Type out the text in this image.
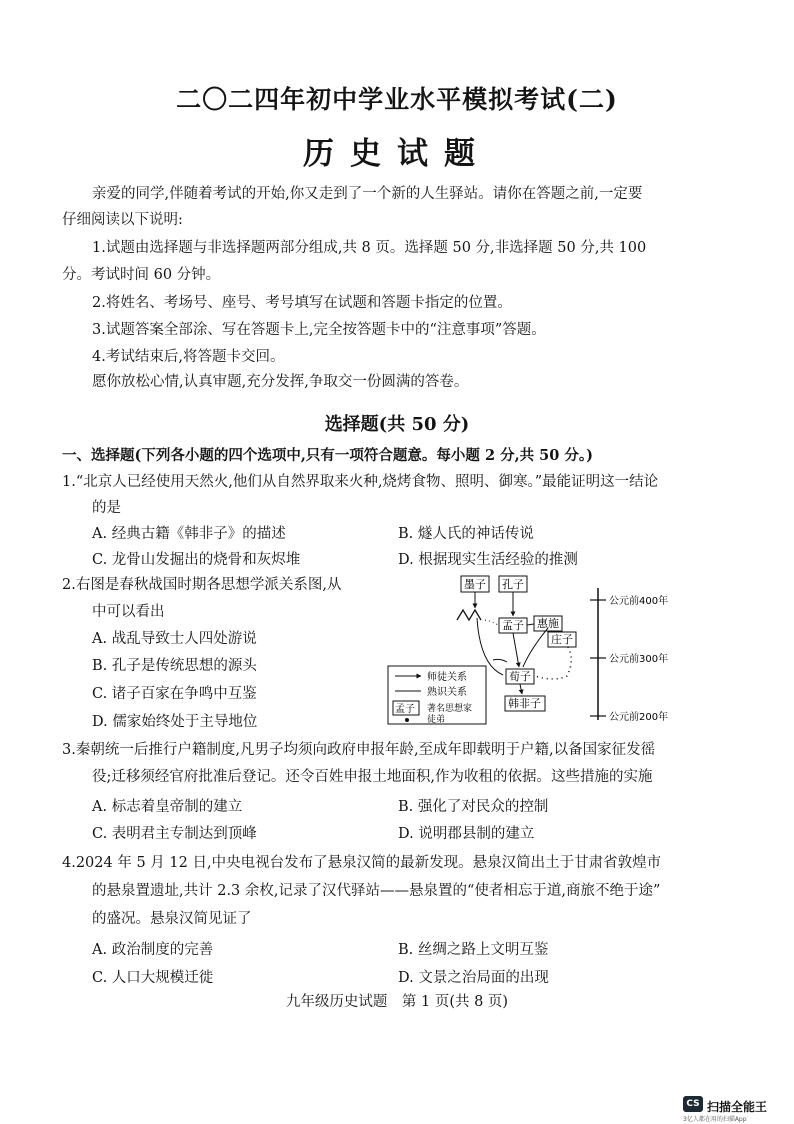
二〇二四年初中学业水平模拟考试(二)
历史试题
亲爱的同学,伴随着考试的开始,你又走到了一个新的人生驿站。请你在答题之前,一定要
仔细阅读以下说明:
1.试题由选择题与非选择题两部分组成,共 8 页。选择题 50 分,非选择题 50 分,共 100
分。考试时间 60 分钟。
2.将姓名、考场号、座号、考号填写在试题和答题卡指定的位置。
3.试题答案全部涂、写在答题卡上,完全按答题卡中的“注意事项”答题。
4.考试结束后,将答题卡交回。
愿你放松心情,认真审题,充分发挥,争取交一份圆满的答卷。
选择题(共 50 分)
一、选择题(下列各小题的四个选项中,只有一项符合题意。每小题 2 分,共 50 分。)
1.“北京人已经使用天然火,他们从自然界取来火种,烧烤食物、照明、御寒。”最能证明这一结论
的是
A. 经典古籍《韩非子》的描述	B. 燧人氏的神话传说
C. 龙骨山发掘出的烧骨和灰烬堆	D. 根据现实生活经验的推测
2.右图是春秋战国时期各思想学派关系图,从
中可以看出
A. 战乱导致士人四处游说
B. 孔子是传统思想的源头
C. 诸子百家在争鸣中互鉴
D. 儒家始终处于主导地位
公元前400年
公元前300年
公元前200年
墨子 孔子
孟子 惠施
庄子
荀子
韩非子
师徒关系
熟识关系
孟子 著名思想家
徒弟
3.秦朝统一后推行户籍制度,凡男子均须向政府申报年龄,至成年即载明于户籍,以备国家征发徭
役;迁移须经官府批准后登记。还令百姓申报土地面积,作为收租的依据。这些措施的实施
A. 标志着皇帝制的建立	B. 强化了对民众的控制
C. 表明君主专制达到顶峰	D. 说明郡县制的建立
4.2024 年 5 月 12 日,中央电视台发布了悬泉汉简的最新发现。悬泉汉简出土于甘肃省敦煌市
的悬泉置遗址,共计 2.3 余枚,记录了汉代驿站——悬泉置的“使者相忘于道,商旅不绝于途”
的盛况。悬泉汉简见证了
A. 政治制度的完善	B. 丝绸之路上文明互鉴
C. 人口大规模迁徙	D. 文景之治局面的出现
九年级历史试题　第 1 页(共 8 页)
CS 扫描全能王
3亿人都在用的扫描App
